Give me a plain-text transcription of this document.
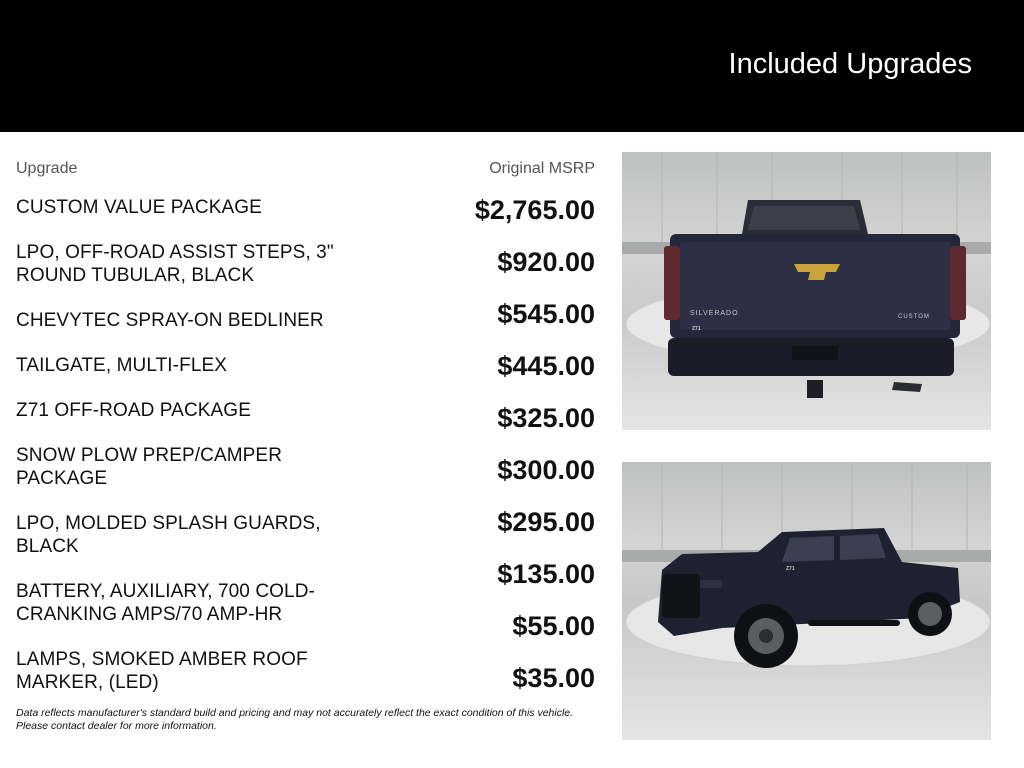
Included Upgrades
Upgrade	Original MSRP
CUSTOM VALUE PACKAGE
LPO, OFF-ROAD ASSIST STEPS, 3" ROUND TUBULAR, BLACK
CHEVYTEC SPRAY-ON BEDLINER
TAILGATE, MULTI-FLEX
Z71 OFF-ROAD PACKAGE
SNOW PLOW PREP/CAMPER PACKAGE
LPO, MOLDED SPLASH GUARDS, BLACK
BATTERY, AUXILIARY, 700 COLD-CRANKING AMPS/70 AMP-HR
LAMPS, SMOKED AMBER ROOF MARKER, (LED)
$2,765.00
$920.00
$545.00
$445.00
$325.00
$300.00
$295.00
$135.00
$55.00
$35.00
Data reflects manufacturer's standard build and pricing and may not accurately reflect the exact condition of this vehicle. Please contact dealer for more information.
SILVERADO	CUSTOM
Z71
Z71
